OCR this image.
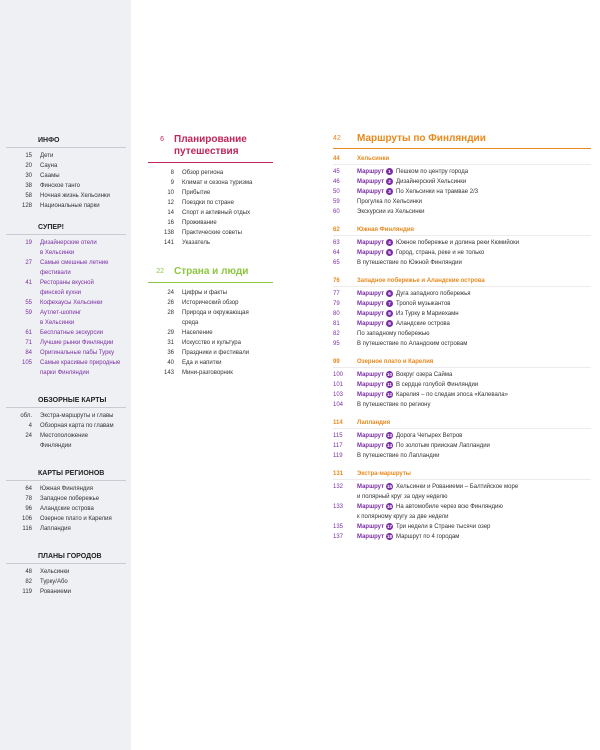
ИНФО
15	Дети
20	Сауна
30	Саамы
38	Финское танго
58	Ночная жизнь Хельсинки
128	Национальные парки
СУПЕР!
19	Дизайнерские отели
в Хельсинки
27	Самые смешные летние
фестивали
41	Рестораны вкусной
финской кухни
55	Кофехаусы Хельсинки
59	Аутлет-шопинг
в Хельсинки
61	Бесплатные экскурсии
71	Лучшие рынки Финляндии
84	Оригинальные пабы Турку
105	Самые красивые природные
парки Финляндии
ОБЗОРНЫЕ КАРТЫ
обл.	Экстра-маршруты и главы
4	Обзорная карта по главам
24	Местоположение
Финляндии
КАРТЫ РЕГИОНОВ
64	Южная Финляндия
78	Западное побережье
96	Аландские острова
106	Озерное плато и Карелия
116	Лапландия
ПЛАНЫ ГОРОДОВ
48	Хельсинки
82	Турку/Або
119	Рованиеми
6 Планирование
путешествия
8	Обзор региона
9	Климат и сезона туризма
10	Прибытие
12	Поездки по стране
14	Спорт и активный отдых
16	Проживание
138	Практические советы
141	Указатель
22	Страна и люди
24	Цифры и факты
26	Исторический обзор
28	Природа и окружающая
среда
29	Население
31	Искусство и культура
36	Праздники и фестивали
40	Еда и напитки
143	Мини-разговорник
42	Маршруты по Финляндии
44	Хельсинки
45	Маршрут 1 Пешком по центру города
46	Маршрут 2 Дизайнерский Хельсинки
50	Маршрут 3 По Хельсинки на трамвае 2/3
59	Прогулка по Хельсинки
60	Экскурсии из Хельсинки
62	Южная Финляндия
63	Маршрут 4 Южное побережье и долина реки Кюмийоки
64	Маршрут 5 Город, страна, реке и не только
65	В путешествие по Южной Финляндии
76	Западное побережье и Аландские острова
77	Маршрут 6 Дуга западного побережья
79	Маршрут 7 Тропой музыкантов
80	Маршрут 8 Из Турку в Мариехамн
81	Маршрут 9 Аландские острова
82	По западному побережью
95	В путешествие по Аландским островам
99	Озерное плато и Карелия
100	Маршрут 10 Вокруг озера Сайма
101	Маршрут 11 В сердце голубой Финляндии
103	Маршрут 12 Карелия – по следам эпоса «Калевала»
104	В путешествие по региону
114	Лапландия
115	Маршрут 13 Дорога Четырех Ветров
117	Маршрут 14 По золотым приискам Лапландии
119	В путешествие по Лапландии
131	Экстра-маршруты
132	Маршрут 15 Хельсинки и Рованиеми – Балтийское море
и полярный круг за одну неделю
133	Маршрут 16 На автомобиле через всю Финляндию
к полярному кругу за две недели
135	Маршрут 17 Три недели в Стране тысячи озер
137	Маршрут 18 Маршрут по 4 городам
